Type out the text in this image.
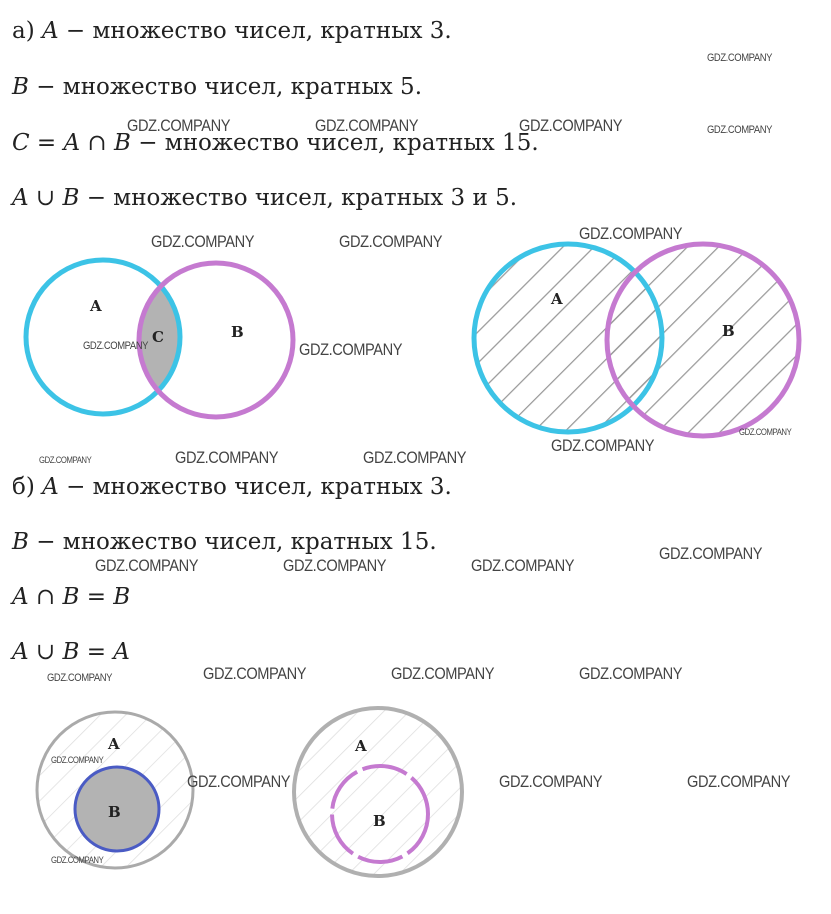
а) A − множество чисел, кратных 3.
B − множество чисел, кратных 5.
C = A ∩ B − множество чисел, кратных 15.
A ∪ B − множество чисел, кратных 3 и 5.
б) A − множество чисел, кратных 3.
B − множество чисел, кратных 15.
A ∩ B = B
A ∪ B = A
A
B
C
A
B
A
B
A
B
GDZ.COMPANY
GDZ.COMPANY	GDZ.COMPANY	GDZ.COMPANY	GDZ.COMPANY
GDZ.COMPANY	GDZ.COMPANY	GDZ.COMPANY
GDZ.COMPANY	GDZ.COMPANY
GDZ.COMPANY
GDZ.COMPANY
GDZ.COMPANY	GDZ.COMPANY	GDZ.COMPANY
GDZ.COMPANY
GDZ.COMPANY	GDZ.COMPANY	GDZ.COMPANY
GDZ.COMPANY	GDZ.COMPANY	GDZ.COMPANY
GDZ.COMPANY
GDZ.COMPANY
GDZ.COMPANY	GDZ.COMPANY	GDZ.COMPANY
GDZ.COMPANY
